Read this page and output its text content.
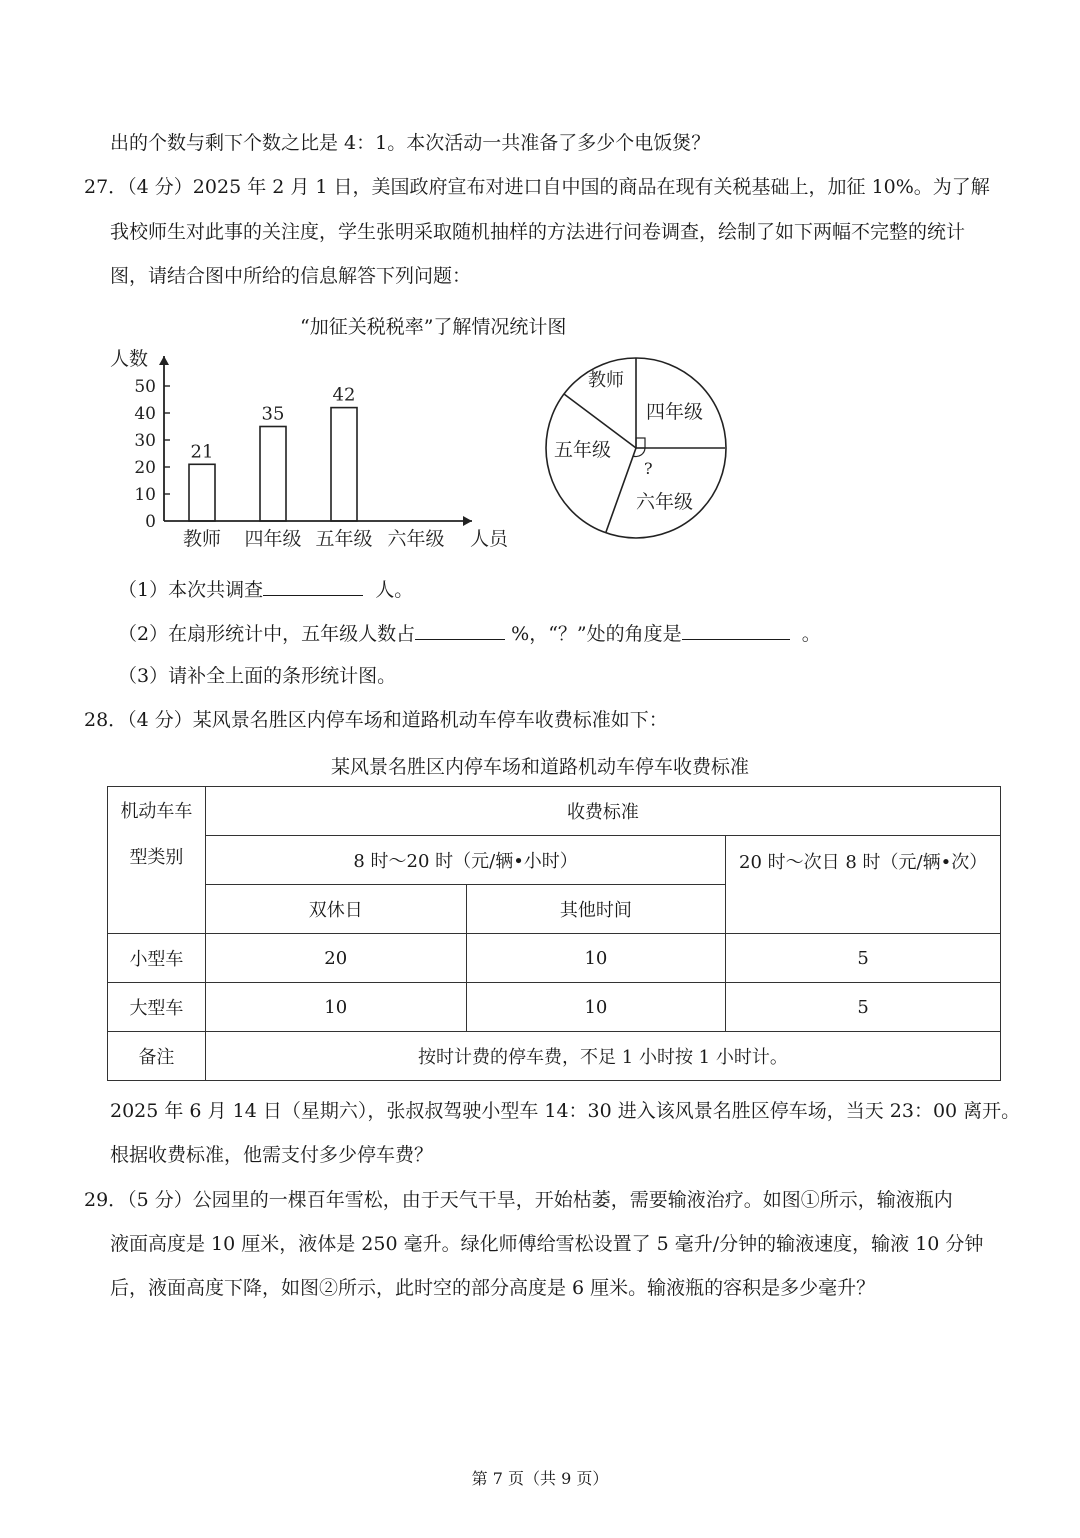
出的个数与剩下个数之比是 4：1。本次活动一共准备了多少个电饭煲？
27．（4 分）2025 年 2 月 1 日，美国政府宣布对进口自中国的商品在现有关税基础上，加征 10%。为了解
我校师生对此事的关注度，学生张明采取随机抽样的方法进行问卷调查，绘制了如下两幅不完整的统计
图，请结合图中所给的信息解答下列问题：
“加征关税税率”了解情况统计图
人数
人员
0
10
20
30
40
50
教师
21
四年级
35
五年级
42
六年级
教师
四年级
五年级
六年级
?
（1）本次共调查	人。
（2）在扇形统计中，五年级人数占	%，“？”处的角度是	。
（3）请补全上面的条形统计图。
28．（4 分）某风景名胜区内停车场和道路机动车停车收费标准如下：
某风景名胜区内停车场和道路机动车停车收费标准
机动车车
型类别	收费标准		
	8 时～20 时（元/辆•小时）		20 时～次日 8 时（元/辆•次）
	双休日	其他时间	
小型车	20	10	5
大型车	10	10	5
备注	按时计费的停车费，不足 1 小时按 1 小时计。		
2025 年 6 月 14 日（星期六），张叔叔驾驶小型车 14：30 进入该风景名胜区停车场，当天 23：00 离开。
根据收费标准，他需支付多少停车费？
29．（5 分）公园里的一棵百年雪松，由于天气干旱，开始枯萎，需要输液治疗。如图①所示，输液瓶内
液面高度是 10 厘米，液体是 250 毫升。绿化师傅给雪松设置了 5 毫升/分钟的输液速度，输液 10 分钟
后，液面高度下降，如图②所示，此时空的部分高度是 6 厘米。输液瓶的容积是多少毫升？
第 7 页（共 9 页）
